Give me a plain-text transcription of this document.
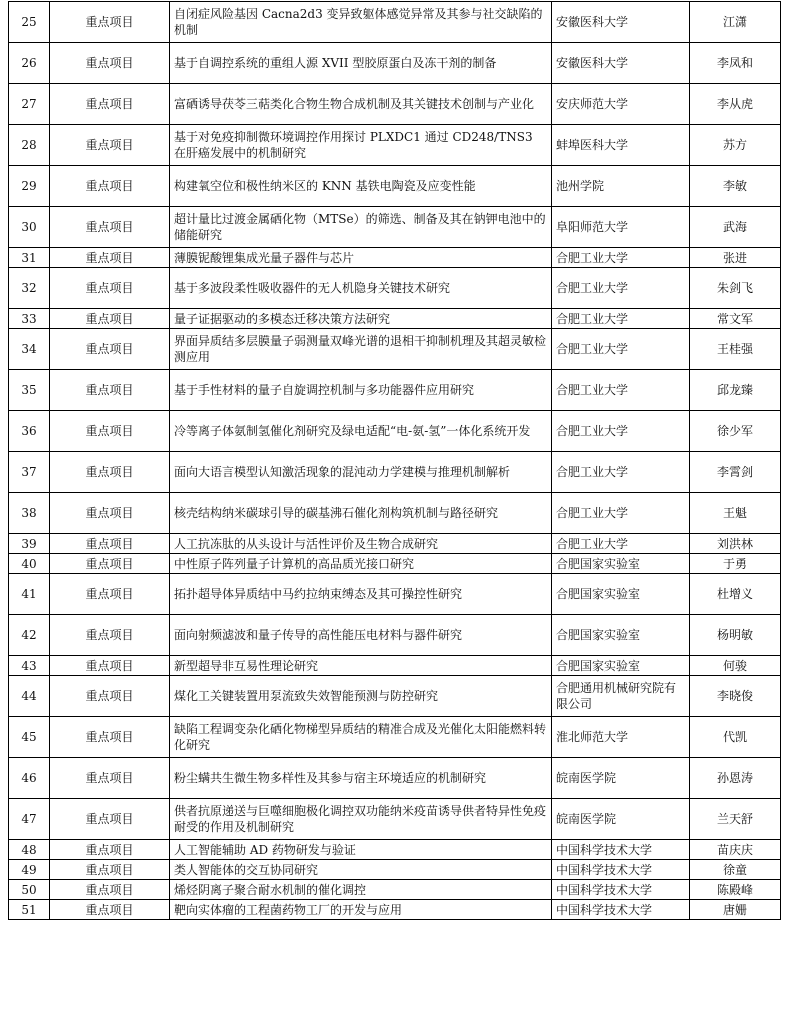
25	重点项目	自闭症风险基因 Cacna2d3 变异致躯体感觉异常及其参与社交缺陷的机制	安徽医科大学	江潇
26	重点项目	基于自调控系统的重组人源 XVII 型胶原蛋白及冻干剂的制备	安徽医科大学	李凤和
27	重点项目	富硒诱导茯苓三萜类化合物生物合成机制及其关键技术创制与产业化	安庆师范大学	李从虎
28	重点项目	基于对免疫抑制微环境调控作用探讨 PLXDC1 通过 CD248/TNS3 在肝癌发展中的机制研究	蚌埠医科大学	苏方
29	重点项目	构建氧空位和极性纳米区的 KNN 基铁电陶瓷及应变性能	池州学院	李敏
30	重点项目	超计量比过渡金属硒化物（MTSe）的筛选、制备及其在钠钾电池中的储能研究	阜阳师范大学	武海
31	重点项目	薄膜铌酸锂集成光量子器件与芯片	合肥工业大学	张进
32	重点项目	基于多波段柔性吸收器件的无人机隐身关键技术研究	合肥工业大学	朱剑飞
33	重点项目	量子证据驱动的多模态迁移决策方法研究	合肥工业大学	常文军
34	重点项目	界面异质结多层膜量子弱测量双峰光谱的退相干抑制机理及其超灵敏检测应用	合肥工业大学	王桂强
35	重点项目	基于手性材料的量子自旋调控机制与多功能器件应用研究	合肥工业大学	邱龙臻
36	重点项目	冷等离子体氨制氢催化剂研究及绿电适配“电-氨-氢”一体化系统开发	合肥工业大学	徐少军
37	重点项目	面向大语言模型认知激活现象的混沌动力学建模与推理机制解析	合肥工业大学	李霄剑
38	重点项目	核壳结构纳米碳球引导的碳基沸石催化剂构筑机制与路径研究	合肥工业大学	王魁
39	重点项目	人工抗冻肽的从头设计与活性评价及生物合成研究	合肥工业大学	刘洪林
40	重点项目	中性原子阵列量子计算机的高品质光接口研究	合肥国家实验室	于勇
41	重点项目	拓扑超导体异质结中马约拉纳束缚态及其可操控性研究	合肥国家实验室	杜增义
42	重点项目	面向射频滤波和量子传导的高性能压电材料与器件研究	合肥国家实验室	杨明敏
43	重点项目	新型超导非互易性理论研究	合肥国家实验室	何骏
44	重点项目	煤化工关键装置用泵流致失效智能预测与防控研究	合肥通用机械研究院有限公司	李晓俊
45	重点项目	缺陷工程调变杂化硒化物梯型异质结的精准合成及光催化太阳能燃料转化研究	淮北师范大学	代凯
46	重点项目	粉尘螨共生微生物多样性及其参与宿主环境适应的机制研究	皖南医学院	孙恩涛
47	重点项目	供者抗原递送与巨噬细胞极化调控双功能纳米疫苗诱导供者特异性免疫耐受的作用及机制研究	皖南医学院	兰天舒
48	重点项目	人工智能辅助 AD 药物研发与验证	中国科学技术大学	苗庆庆
49	重点项目	类人智能体的交互协同研究	中国科学技术大学	徐童
50	重点项目	烯烃阴离子聚合耐水机制的催化调控	中国科学技术大学	陈殿峰
51	重点项目	靶向实体瘤的工程菌药物工厂的开发与应用	中国科学技术大学	唐姗
